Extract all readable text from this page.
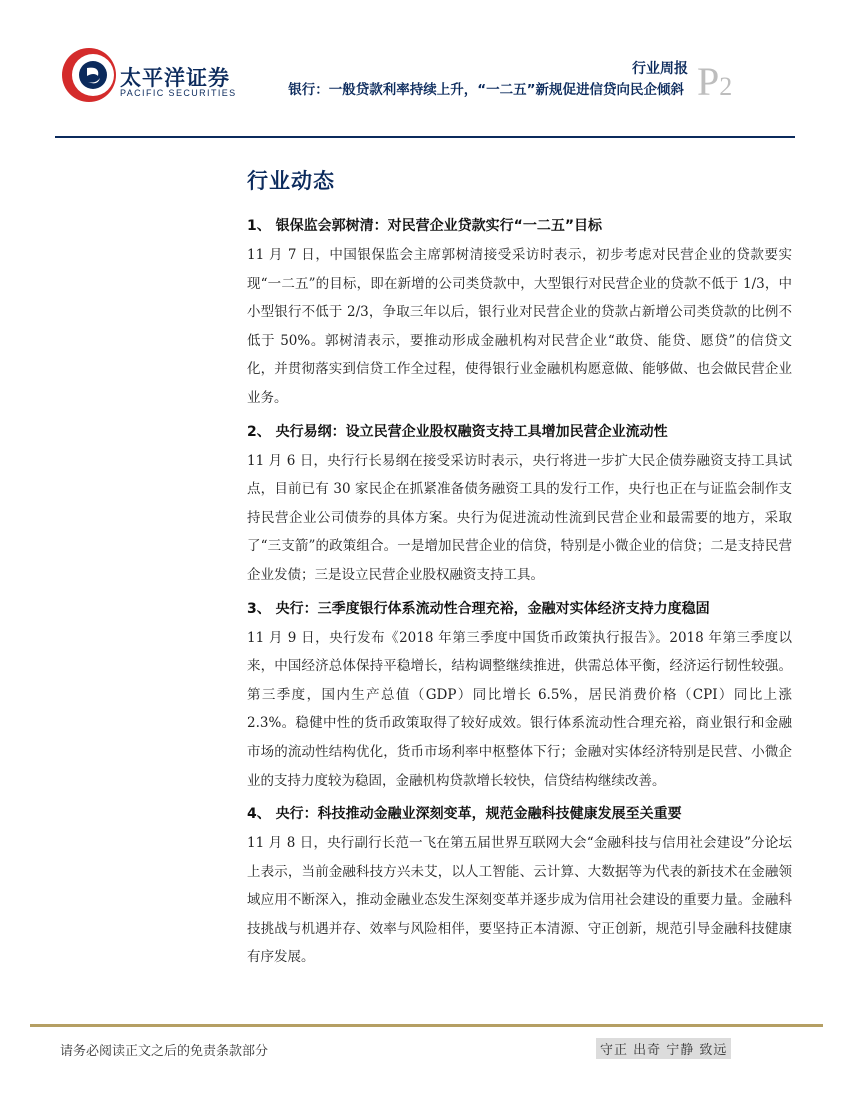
太平洋证券
PACIFIC SECURITIES
行业周报
银行：一般贷款利率持续上升，“一二五”新规促进信贷向民企倾斜 P2
行业动态

1、 银保监会郭树清：对民营企业贷款实行“一二五”目标

11 月 7 日，中国银保监会主席郭树清接受采访时表示，初步考虑对民营企业的贷款要实现“一二五”的目标，即在新增的公司类贷款中，大型银行对民营企业的贷款不低于 1/3，中小型银行不低于 2/3，争取三年以后，银行业对民营企业的贷款占新增公司类贷款的比例不低于 50%。郭树清表示，要推动形成金融机构对民营企业“敢贷、能贷、愿贷”的信贷文化，并贯彻落实到信贷工作全过程，使得银行业金融机构愿意做、能够做、也会做民营企业业务。

2、 央行易纲：设立民营企业股权融资支持工具增加民营企业流动性

11 月 6 日，央行行长易纲在接受采访时表示，央行将进一步扩大民企债券融资支持工具试点，目前已有 30 家民企在抓紧准备债务融资工具的发行工作，央行也正在与证监会制作支持民营企业公司债券的具体方案。央行为促进流动性流到民营企业和最需要的地方，采取了“三支箭”的政策组合。一是增加民营企业的信贷，特别是小微企业的信贷；二是支持民营企业发债；三是设立民营企业股权融资支持工具。

3、 央行：三季度银行体系流动性合理充裕，金融对实体经济支持力度稳固

11 月 9 日，央行发布《2018 年第三季度中国货币政策执行报告》。2018 年第三季度以来，中国经济总体保持平稳增长，结构调整继续推进，供需总体平衡，经济运行韧性较强。第三季度，国内生产总值（GDP）同比增长 6.5%，居民消费价格（CPI）同比上涨 2.3%。稳健中性的货币政策取得了较好成效。银行体系流动性合理充裕，商业银行和金融市场的流动性结构优化，货币市场利率中枢整体下行；金融对实体经济特别是民营、小微企业的支持力度较为稳固，金融机构贷款增长较快，信贷结构继续改善。

4、 央行：科技推动金融业深刻变革，规范金融科技健康发展至关重要

11 月 8 日，央行副行长范一飞在第五届世界互联网大会“金融科技与信用社会建设”分论坛上表示，当前金融科技方兴未艾，以人工智能、云计算、大数据等为代表的新技术在金融领域应用不断深入，推动金融业态发生深刻变革并逐步成为信用社会建设的重要力量。金融科技挑战与机遇并存、效率与风险相伴，要坚持正本清源、守正创新，规范引导金融科技健康有序发展。

请务必阅读正文之后的免责条款部分	守正 出奇 宁静 致远
